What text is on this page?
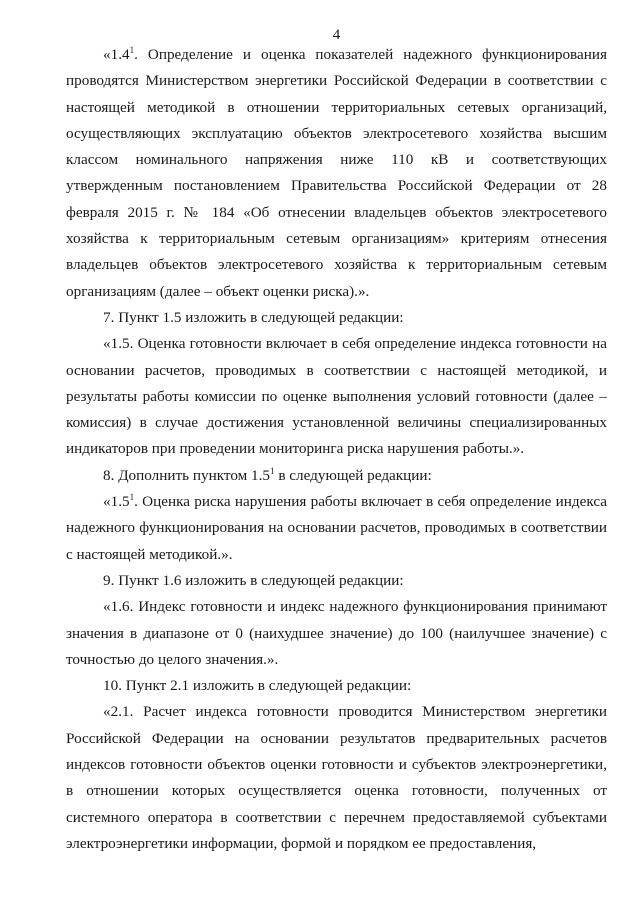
4

«$1.4^1$. Определение и оценка показателей надежного функционирования проводятся Министерством энергетики Российской Федерации в соответствии с настоящей методикой в отношении территориальных сетевых организаций, осуществляющих эксплуатацию объектов электросетевого хозяйства высшим классом номинального напряжения ниже 110 кВ и соответствующих утвержденным постановлением Правительства Российской Федерации от 28 февраля 2015 г. № 184 «Об отнесении владельцев объектов электросетевого хозяйства к территориальным сетевым организациям» критериям отнесения владельцев объектов электросетевого хозяйства к территориальным сетевым организациям (далее – объект оценки риска).».

7. Пункт 1.5 изложить в следующей редакции:

«1.5. Оценка готовности включает в себя определение индекса готовности на основании расчетов, проводимых в соответствии с настоящей методикой, и результаты работы комиссии по оценке выполнения условий готовности (далее – комиссия) в случае достижения установленной величины специализированных индикаторов при проведении мониторинга риска нарушения работы.».

8. Дополнить пунктом $1.5^1$ в следующей редакции:

«$1.5^1$. Оценка риска нарушения работы включает в себя определение индекса надежного функционирования на основании расчетов, проводимых в соответствии с настоящей методикой.».

9. Пункт 1.6 изложить в следующей редакции:

«1.6. Индекс готовности и индекс надежного функционирования принимают значения в диапазоне от 0 (наихудшее значение) до 100 (наилучшее значение) с точностью до целого значения.».

10. Пункт 2.1 изложить в следующей редакции:

«2.1. Расчет индекса готовности проводится Министерством энергетики Российской Федерации на основании результатов предварительных расчетов индексов готовности объектов оценки готовности и субъектов электроэнергетики, в отношении которых осуществляется оценка готовности, полученных от системного оператора в соответствии с перечнем предоставляемой субъектами электроэнергетики информации, формой и порядком ее предоставления,
